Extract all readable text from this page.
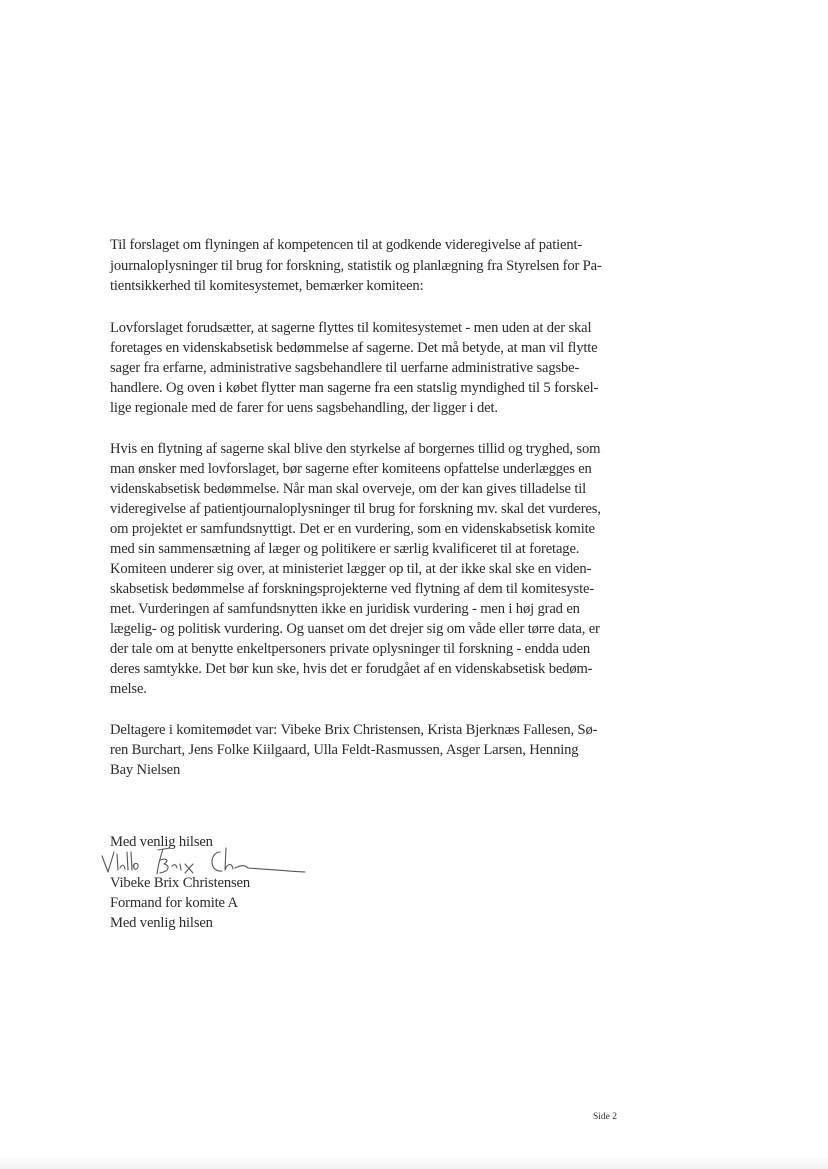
Til forslaget om flyningen af kompetencen til at godkende videregivelse af patient-
journaloplysninger til brug for forskning, statistik og planlægning fra Styrelsen for Pa-
tientsikkerhed til komitesystemet, bemærker komiteen:
Lovforslaget forudsætter, at sagerne flyttes til komitesystemet - men uden at der skal
foretages en videnskabsetisk bedømmelse af sagerne. Det må betyde, at man vil flytte
sager fra erfarne, administrative sagsbehandlere til uerfarne administrative sagsbe-
handlere. Og oven i købet flytter man sagerne fra een statslig myndighed til 5 forskel-
lige regionale med de farer for uens sagsbehandling, der ligger i det.
Hvis en flytning af sagerne skal blive den styrkelse af borgernes tillid og tryghed, som
man ønsker med lovforslaget, bør sagerne efter komiteens opfattelse underlægges en
videnskabsetisk bedømmelse. Når man skal overveje, om der kan gives tilladelse til
videregivelse af patientjournaloplysninger til brug for forskning mv. skal det vurderes,
om projektet er samfundsnyttigt. Det er en vurdering, som en videnskabsetisk komite
med sin sammensætning af læger og politikere er særlig kvalificeret til at foretage.
Komiteen underer sig over, at ministeriet lægger op til, at der ikke skal ske en viden-
skabsetisk bedømmelse af forskningsprojekterne ved flytning af dem til komitesyste-
met. Vurderingen af samfundsnytten ikke en juridisk vurdering - men i høj grad en
lægelig- og politisk vurdering. Og uanset om det drejer sig om våde eller tørre data, er
der tale om at benytte enkeltpersoners private oplysninger til forskning - endda uden
deres samtykke. Det bør kun ske, hvis det er forudgået af en videnskabsetisk bedøm-
melse.
Deltagere i komitemødet var: Vibeke Brix Christensen, Krista Bjerknæs Fallesen, Sø-
ren Burchart, Jens Folke Kiilgaard, Ulla Feldt-Rasmussen, Asger Larsen, Henning
Bay Nielsen
Med venlig hilsen
Vibeke Brix Christensen
Formand for komite A
Med venlig hilsen
Side 2
